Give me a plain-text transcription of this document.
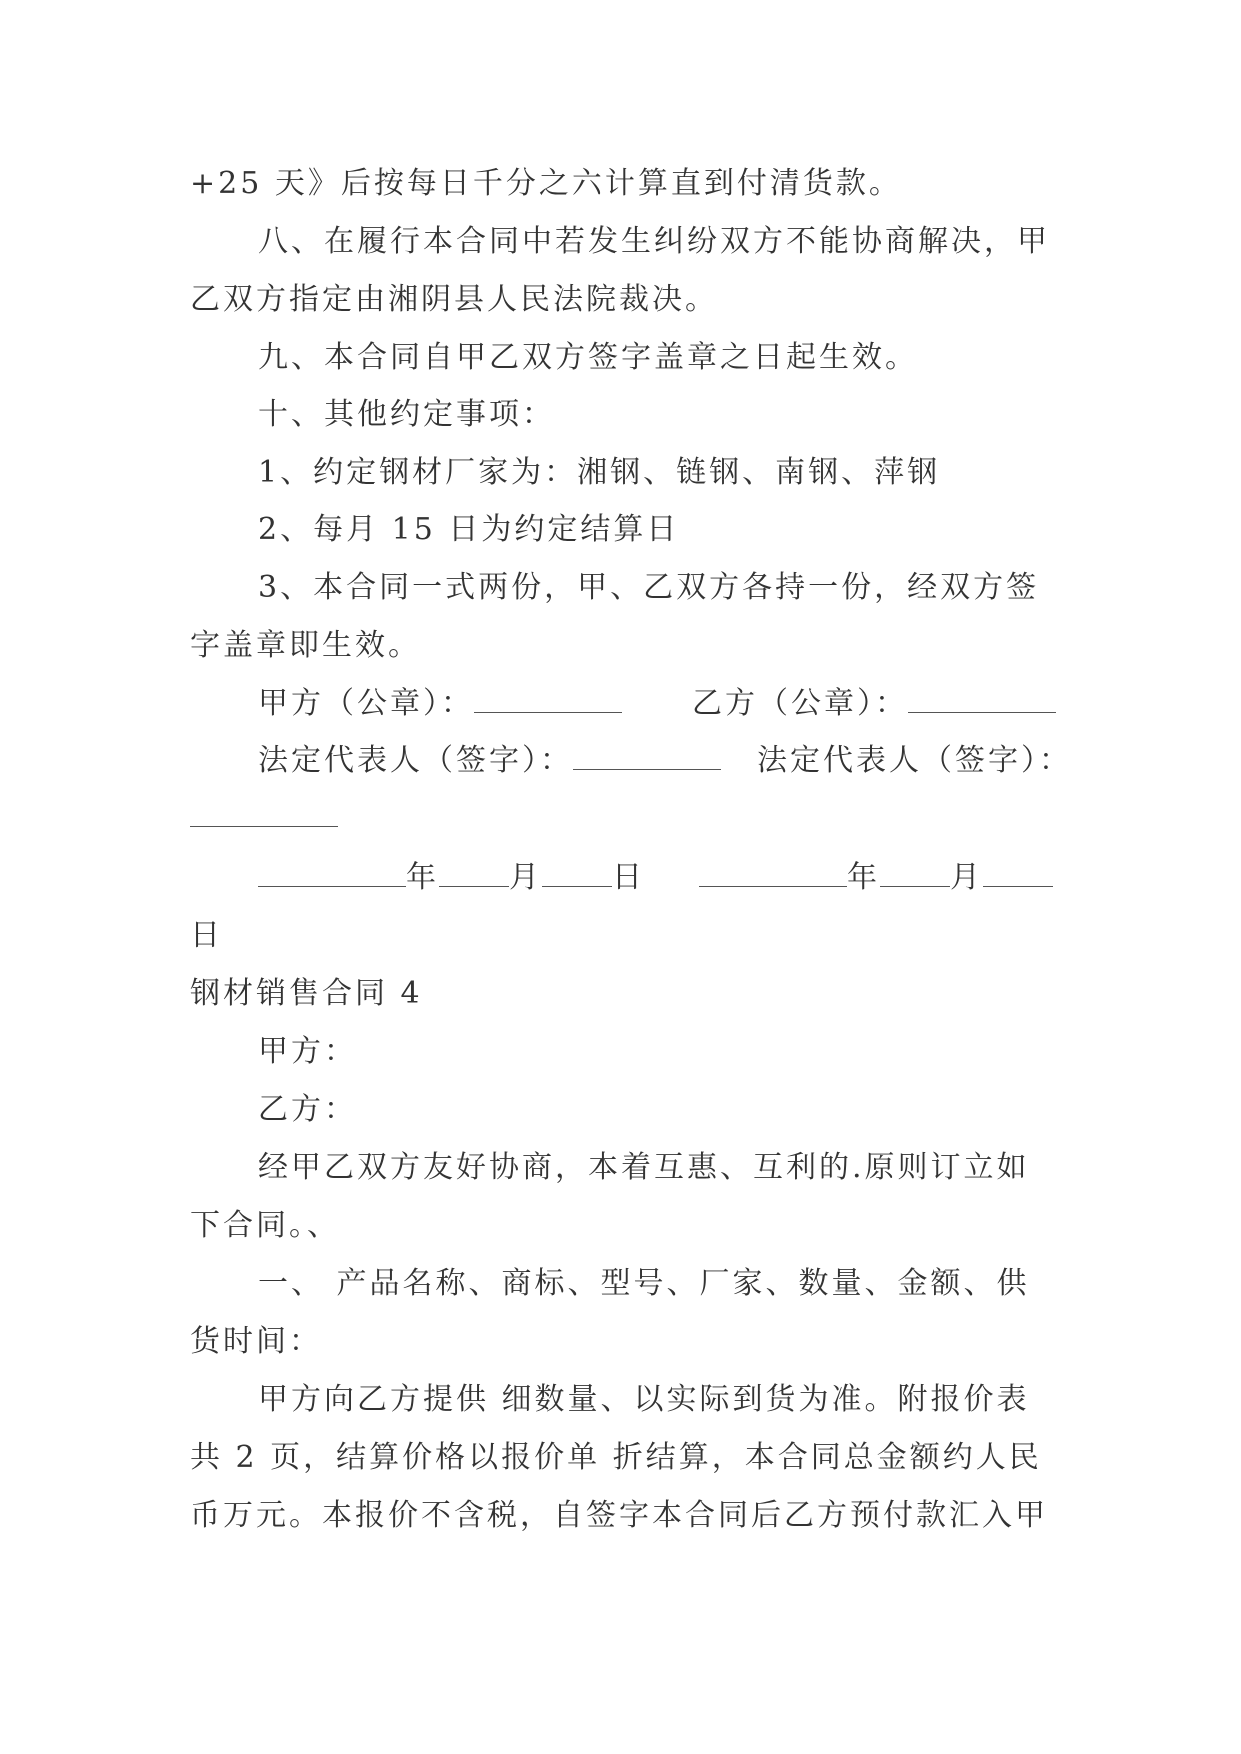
+25 天》后按每日千分之六计算直到付清货款。
八、在履行本合同中若发生纠纷双方不能协商解决，甲
乙双方指定由湘阴县人民法院裁决。
九、本合同自甲乙双方签字盖章之日起生效。
十、其他约定事项：
1、约定钢材厂家为：湘钢、链钢、南钢、萍钢
2、每月 15 日为约定结算日
3、本合同一式两份，甲、乙双方各持一份，经双方签
字盖章即生效。
甲方（公章）：	乙方（公章）：
法定代表人（签字）：	法定代表人（签字）：
年 月 日	年 月
日
钢材销售合同 4
甲方：
乙方：
经甲乙双方友好协商，本着互惠、互利的.原则订立如
下合同。、
一、 产品名称、商标、型号、厂家、数量、金额、供
货时间：
甲方向乙方提供 细数量、以实际到货为准。附报价表
共 2 页，结算价格以报价单 折结算，本合同总金额约人民
币万元。本报价不含税，自签字本合同后乙方预付款汇入甲
